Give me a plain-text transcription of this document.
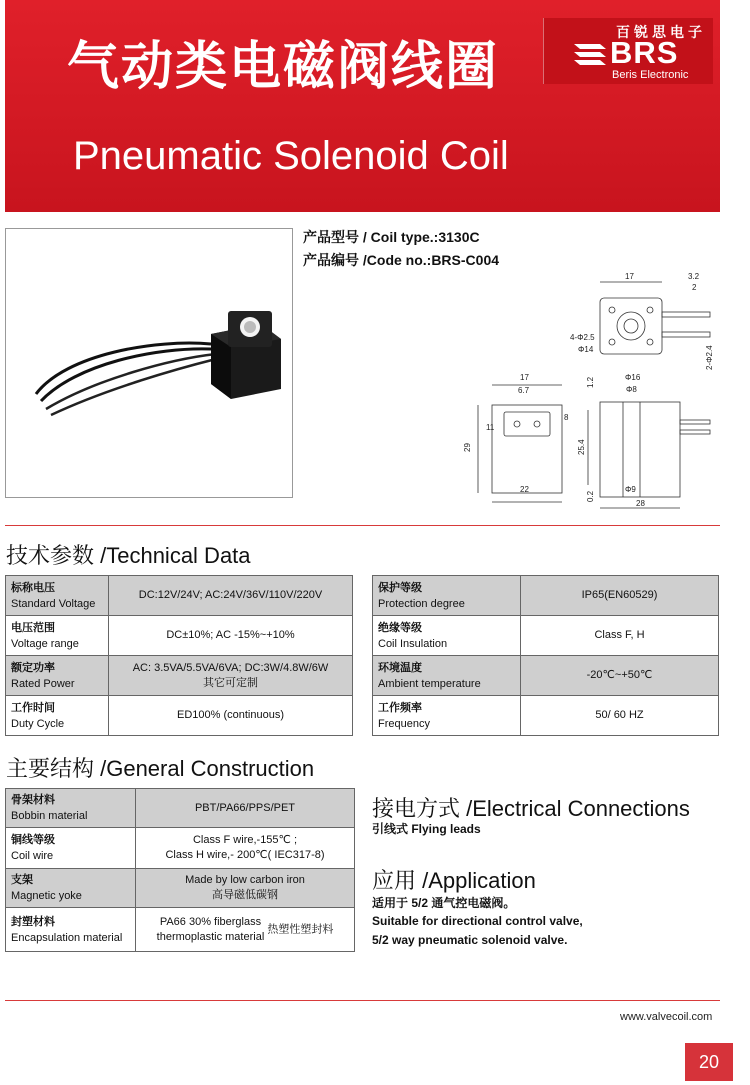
气动类电磁阀线圈
Pneumatic Solenoid Coil
百锐思电子
BRS
Beris Electronic
产品型号 / Coil type.:3130C
产品编号 /Code no.:BRS-C004
17	3.2
2
4-Φ2.5
Φ14	2-Φ2.4
17
6.7
8
11
29
22
Φ16
Φ8
1.2
25.4
0.2
Φ9
28
技术参数 /Technical Data
标称电压
Standard Voltage	DC:12V/24V; AC:24V/36V/110V/220V

电压范围
Voltage range	DC±10%; AC -15%~+10%

额定功率
Rated Power	AC: 3.5VA/5.5VA/6VA; DC:3W/4.8W/6W
其它可定制

工作时间
Duty Cycle	ED100% (continuous)
保护等级
Protection degree	IP65(EN60529)

绝缘等级
Coil Insulation	Class F, H

环境温度
Ambient temperature	-20℃~+50℃

工作频率
Frequency	50/ 60 HZ
主要结构 /General Construction
骨架材料
Bobbin material	PBT/PA66/PPS/PET

铜线等级
Coil wire	Class F wire,-155℃ ;
Class H wire,- 200℃( IEC317-8)

支架
Magnetic yoke	Made by low carbon iron
高导磁低碳钢

封塑材料
Encapsulation material	PA66 30% fiberglass
thermoplastic material 热塑性塑封料
接电方式 /Electrical Connections
引线式 Flying leads
应用 /Application
适用于 5/2 通气控电磁阀。
Suitable for directional control valve,
5/2 way pneumatic solenoid valve.
www.valvecoil.com
20
